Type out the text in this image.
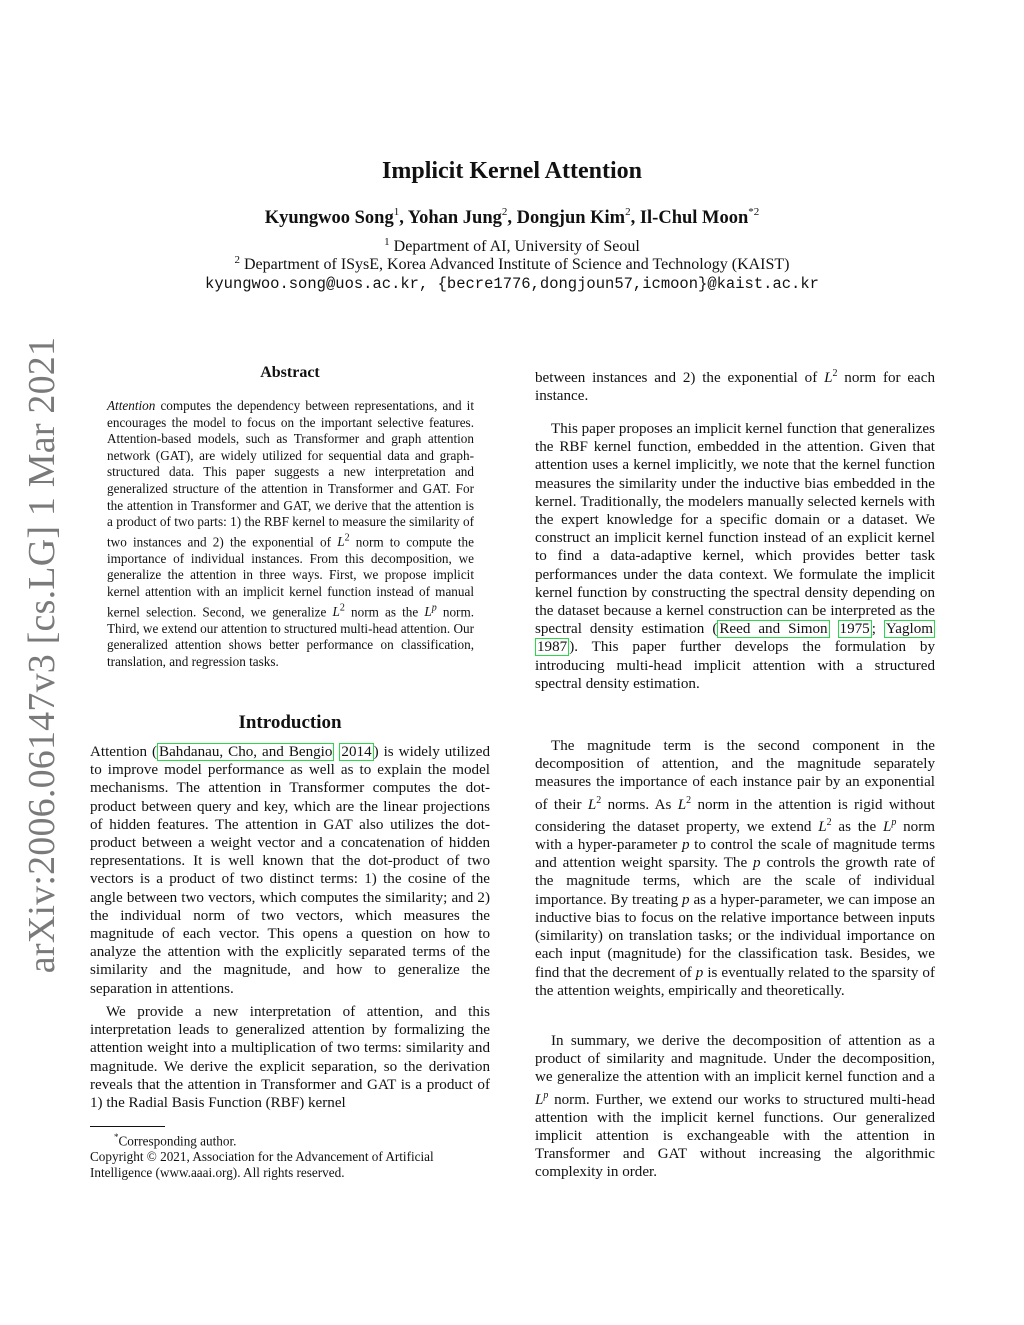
arXiv:2006.06147v3 [cs.LG] 1 Mar 2021
Implicit Kernel Attention
Kyungwoo Song$^1$, Yohan Jung$^2$, Dongjun Kim$^2$, Il-Chul Moon$^{*2}$
$^1$ Department of AI, University of Seoul
$^2$ Department of ISysE, Korea Advanced Institute of Science and Technology (KAIST)
kyungwoo.song@uos.ac.kr, {becre1776,dongjoun57,icmoon}@kaist.ac.kr
Abstract
Attention computes the dependency between representations, and it encourages the model to focus on the important selective features. Attention-based models, such as Transformer and graph attention network (GAT), are widely utilized for sequential data and graph-structured data. This paper suggests a new interpretation and generalized structure of the attention in Transformer and GAT. For the attention in Transformer and GAT, we derive that the attention is a product of two parts: 1) the RBF kernel to measure the similarity of two instances and 2) the exponential of $L^2$ norm to compute the importance of individual instances. From this decomposition, we generalize the attention in three ways. First, we propose implicit kernel attention with an implicit kernel function instead of manual kernel selection. Second, we generalize $L^2$ norm as the $L^p$ norm. Third, we extend our attention to structured multi-head attention. Our generalized attention shows better performance on classification, translation, and regression tasks.
Introduction

Attention ( Bahdanau, Cho, and Bengio 2014 ) is widely utilized to improve model performance as well as to explain the model mechanisms. The attention in Transformer computes the dot-product between query and key, which are the linear projections of hidden features. The attention in GAT also utilizes the dot-product between a weight vector and a concatenation of hidden representations. It is well known that the dot-product of two vectors is a product of two distinct terms: 1) the cosine of the angle between two vectors, which computes the similarity; and 2) the individual norm of two vectors, which measures the magnitude of each vector. This opens a question on how to analyze the attention with the explicitly separated terms of the similarity and the magnitude, and how to generalize the separation in attentions.

We provide a new interpretation of attention, and this interpretation leads to generalized attention by formalizing the attention weight into a multiplication of two terms: similarity and magnitude. We derive the explicit separation, so the derivation reveals that the attention in Transformer and GAT is a product of 1) the Radial Basis Function (RBF) kernel

*Corresponding author.
Copyright © 2021, Association for the Advancement of Artificial Intelligence (www.aaai.org). All rights reserved.

between instances and 2) the exponential of $L^2$ norm for each instance.

This paper proposes an implicit kernel function that generalizes the RBF kernel function, embedded in the attention. Given that attention uses a kernel implicitly, we note that the kernel function measures the similarity under the inductive bias embedded in the kernel. Traditionally, the modelers manually selected kernels with the expert knowledge for a specific domain or a dataset. We construct an implicit kernel function instead of an explicit kernel to find a data-adaptive kernel, which provides better task performances under the data context. We formulate the implicit kernel function by constructing the spectral density depending on the dataset because a kernel construction can be interpreted as the spectral density estimation ( Reed and Simon 1975 ; Yaglom 1987 ). This paper further develops the formulation by introducing multi-head implicit attention with a structured spectral density estimation.

The magnitude term is the second component in the decomposition of attention, and the magnitude separately measures the importance of each instance pair by an exponential of their $L^2$ norms. As $L^2$ norm in the attention is rigid without considering the dataset property, we extend $L^2$ as the $L^p$ norm with a hyper-parameter p to control the scale of magnitude terms and attention weight sparsity. The p controls the growth rate of the magnitude terms, which are the scale of individual importance. By treating p as a hyper-parameter, we can impose an inductive bias to focus on the relative importance between inputs (similarity) on translation tasks; or the individual importance on each input (magnitude) for the classification task. Besides, we find that the decrement of p is eventually related to the sparsity of the attention weights, empirically and theoretically.

In summary, we derive the decomposition of attention as a product of similarity and magnitude. Under the decomposition, we generalize the attention with an implicit kernel function and a $L^p$ norm. Further, we extend our works to structured multi-head attention with the implicit kernel functions. Our generalized implicit attention is exchangeable with the attention in Transformer and GAT without increasing the algorithmic complexity in order.
